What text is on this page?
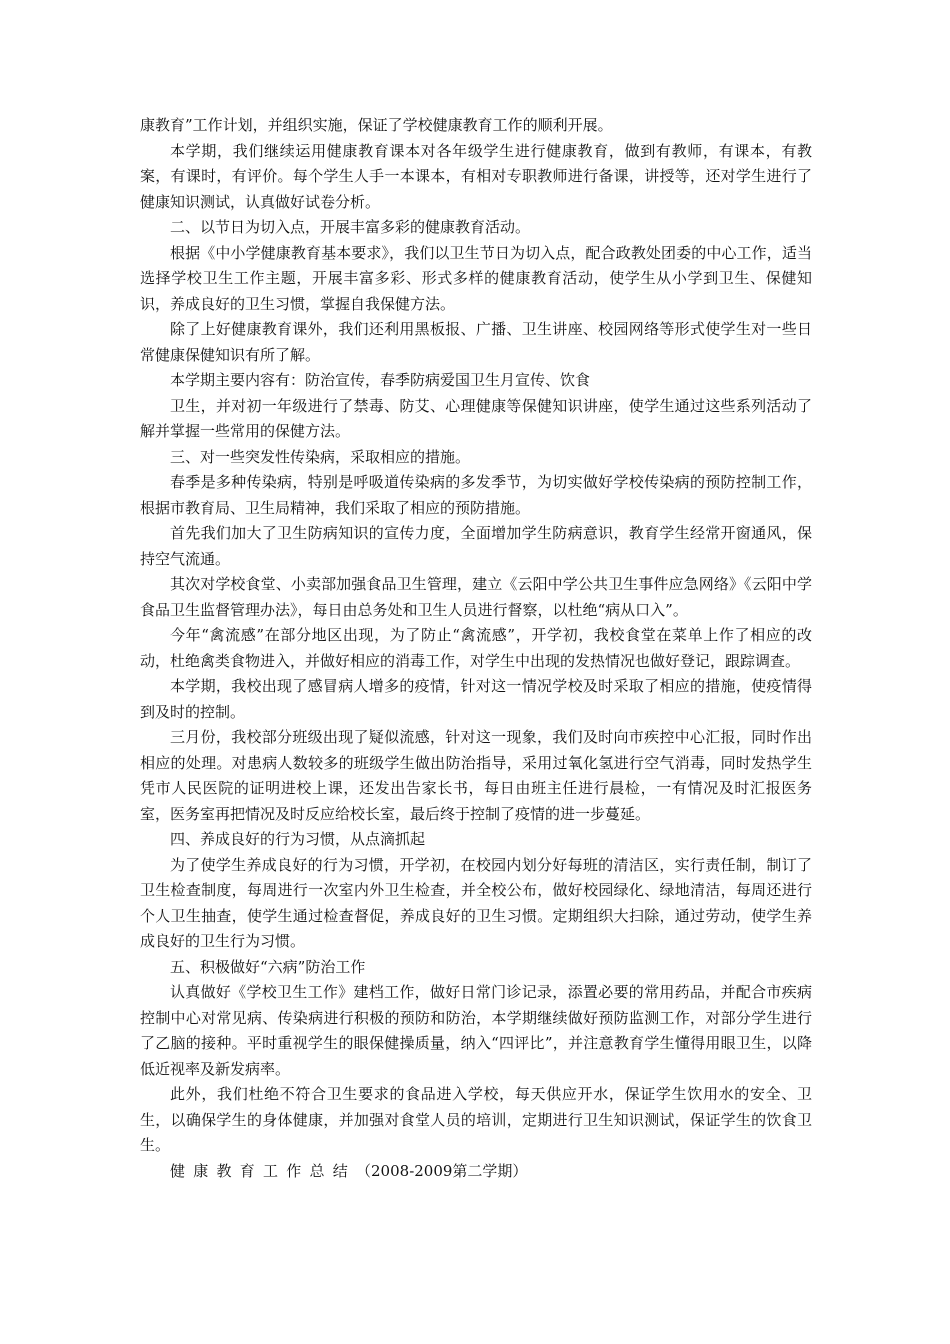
康教育”工作计划，并组织实施，保证了学校健康教育工作的顺利开展。

本学期，我们继续运用健康教育课本对各年级学生进行健康教育，做到有教师，有课本，有教案，有课时，有评价。每个学生人手一本课本，有相对专职教师进行备课，讲授等，还对学生进行了健康知识测试，认真做好试卷分析。

二、以节日为切入点，开展丰富多彩的健康教育活动。

根据《中小学健康教育基本要求》，我们以卫生节日为切入点，配合政教处团委的中心工作，适当选择学校卫生工作主题，开展丰富多彩、形式多样的健康教育活动，使学生从小学到卫生、保健知识，养成良好的卫生习惯，掌握自我保健方法。

除了上好健康教育课外，我们还利用黑板报、广播、卫生讲座、校园网络等形式使学生对一些日常健康保健知识有所了解。

本学期主要内容有：防治宣传，春季防病爱国卫生月宣传、饮食

卫生，并对初一年级进行了禁毒、防艾、心理健康等保健知识讲座，使学生通过这些系列活动了解并掌握一些常用的保健方法。

三、对一些突发性传染病，采取相应的措施。

春季是多种传染病，特别是呼吸道传染病的多发季节，为切实做好学校传染病的预防控制工作，根据市教育局、卫生局精神，我们采取了相应的预防措施。

首先我们加大了卫生防病知识的宣传力度，全面增加学生防病意识，教育学生经常开窗通风，保持空气流通。

其次对学校食堂、小卖部加强食品卫生管理，建立《云阳中学公共卫生事件应急网络》《云阳中学食品卫生监督管理办法》，每日由总务处和卫生人员进行督察，以杜绝“病从口入”。

今年“禽流感”在部分地区出现，为了防止“禽流感”，开学初，我校食堂在菜单上作了相应的改动，杜绝禽类食物进入，并做好相应的消毒工作，对学生中出现的发热情况也做好登记，跟踪调查。

本学期，我校出现了感冒病人增多的疫情，针对这一情况学校及时采取了相应的措施，使疫情得到及时的控制。

三月份，我校部分班级出现了疑似流感，针对这一现象，我们及时向市疾控中心汇报，同时作出相应的处理。对患病人数较多的班级学生做出防治指导，采用过氧化氢进行空气消毒，同时发热学生凭市人民医院的证明进校上课，还发出告家长书，每日由班主任进行晨检，一有情况及时汇报医务室，医务室再把情况及时反应给校长室，最后终于控制了疫情的进一步蔓延。

四、养成良好的行为习惯，从点滴抓起

为了使学生养成良好的行为习惯，开学初，在校园内划分好每班的清洁区，实行责任制，制订了卫生检查制度，每周进行一次室内外卫生检查，并全校公布，做好校园绿化、绿地清洁，每周还进行个人卫生抽查，使学生通过检查督促，养成良好的卫生习惯。定期组织大扫除，通过劳动，使学生养成良好的卫生行为习惯。

五、积极做好“六病”防治工作

认真做好《学校卫生工作》建档工作，做好日常门诊记录，添置必要的常用药品，并配合市疾病控制中心对常见病、传染病进行积极的预防和防治，本学期继续做好预防监测工作，对部分学生进行了乙脑的接种。平时重视学生的眼保健操质量，纳入“四评比”，并注意教育学生懂得用眼卫生，以降低近视率及新发病率。

此外，我们杜绝不符合卫生要求的食品进入学校，每天供应开水，保证学生饮用水的安全、卫生，以确保学生的身体健康，并加强对食堂人员的培训，定期进行卫生知识测试，保证学生的饮食卫生。

健康教育工作总结（2008-2009第二学期）
